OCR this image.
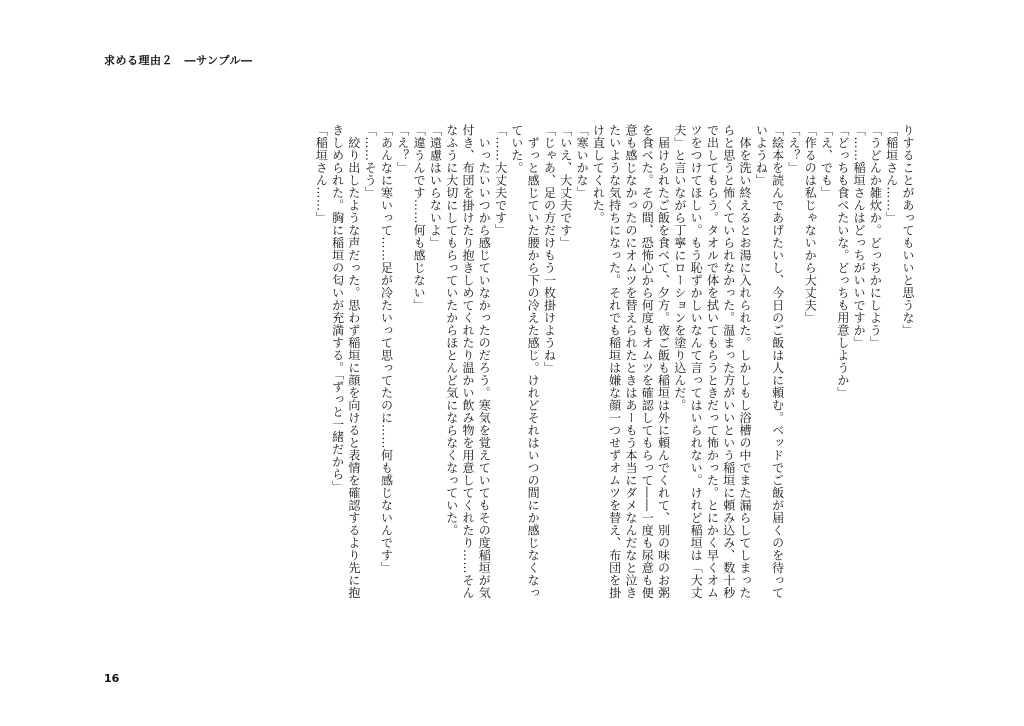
求める理由２　―サンプル―

りすることがあってもいいと思うな」

「稲垣さん……」

「うどんか雑炊か。どっちかにしよう」

「……稲垣さんはどっちがいいですか」

「どっちも食べたいな。どっちも用意しようか」

「え、でも」

「作るのは私じゃないから大丈夫」

「え？」

「絵本を読んであげたいし、今日のご飯は人に頼む。ベッドでご飯が届くのを待っていようね」

　体を洗い終えるとお湯に入れられた。しかしもし浴槽の中でまた漏らしてしまったらと思うと怖くていられなかった。温まった方がいいという稲垣に頼み込み、数十秒で出してもらう。タオルで体を拭いてもらうときだって怖かった。とにかく早くオムツをつけてほしい。もう恥ずかしいなんて言ってはいられない。けれど稲垣は「大丈夫」と言いながら丁寧にローションを塗り込んだ。

　届けられたご飯を食べて、夕方。夜ご飯も稲垣は外に頼んでくれて、別の味のお粥を食べた。その間、恐怖心から何度もオムツを確認してもらって――一度も尿意も便意も感じなかったのにオムツを替えられたときはあーもう本当にダメなんだなと泣きたいような気持ちになった。それでも稲垣は嫌な顔一つせずオムツを替え、布団を掛け直してくれた。

「寒いかな」

「いえ、大丈夫です」

「じゃあ、足の方だけもう一枚掛けようね」

　ずっと感じていた腰から下の冷えた感じ。けれどそれはいつの間にか感じなくなっていた。

「……大丈夫です」

　いったいいつから感じていなかったのだろう。寒気を覚えていてもその度稲垣が気付き、布団を掛けたり抱きしめてくれたり温かい飲み物を用意してくれたり……そんなふうに大切にしてもらっていたからほとんど気にならなくなっていた。

「遠慮はいらないよ」

「違うんです……何も感じない」

「え？」

「あんなに寒いって……足が冷たいって思ってたのに……何も感じないんです」

「……そう」

　絞り出したような声だった。思わず稲垣に顔を向けると表情を確認するより先に抱きしめられた。胸に稲垣の匂いが充満する。「ずっと一緒だから」

「稲垣さん……」

16
